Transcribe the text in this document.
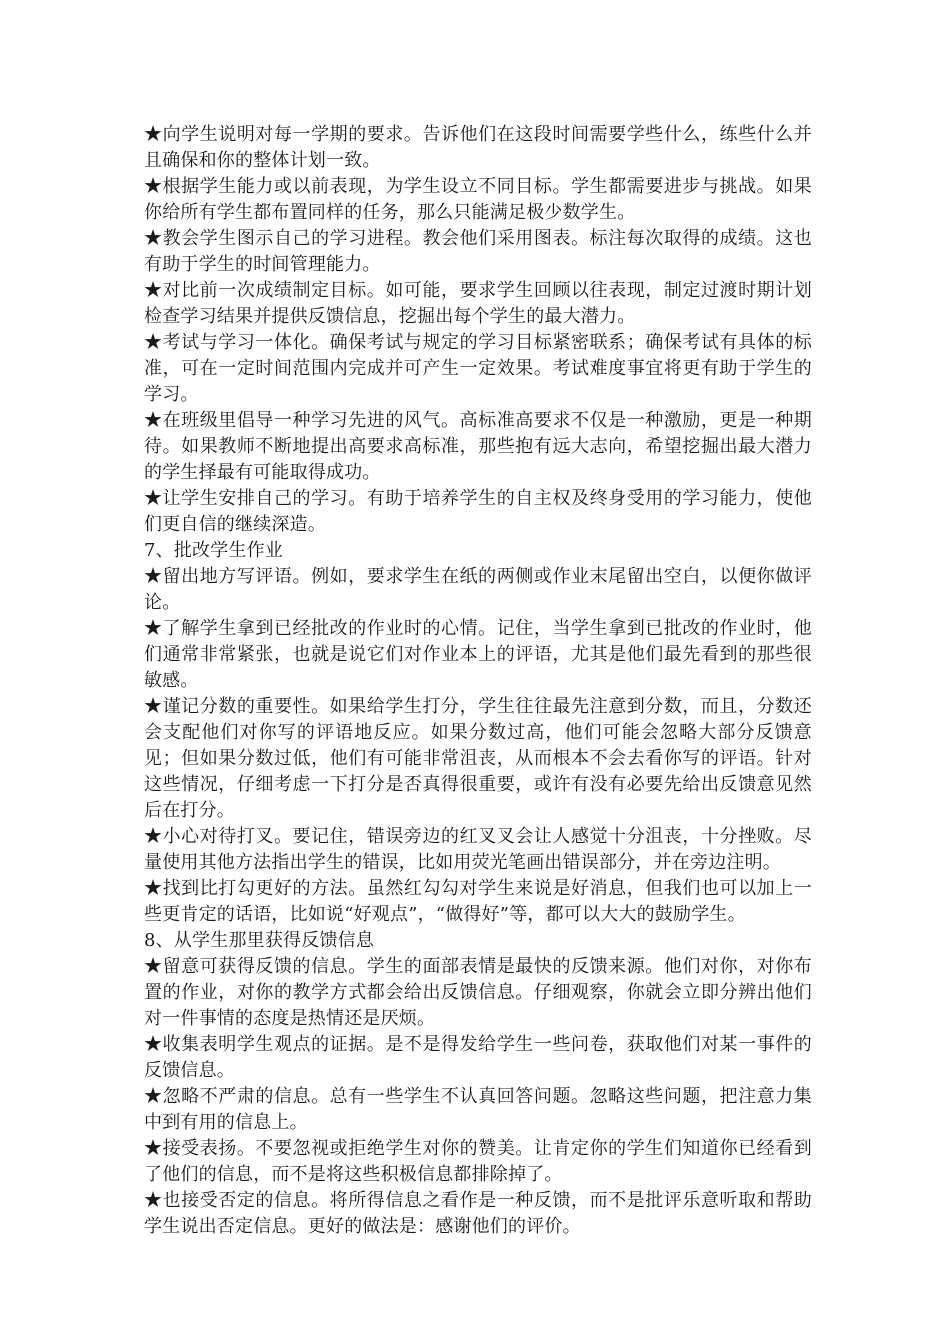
★向学生说明对每一学期的要求。告诉他们在这段时间需要学些什么，练些什么并且确保和你的整体计划一致。

★根据学生能力或以前表现，为学生设立不同目标。学生都需要进步与挑战。如果你给所有学生都布置同样的任务，那么只能满足极少数学生。

★教会学生图示自己的学习进程。教会他们采用图表。标注每次取得的成绩。这也有助于学生的时间管理能力。

★对比前一次成绩制定目标。如可能，要求学生回顾以往表现，制定过渡时期计划检查学习结果并提供反馈信息，挖掘出每个学生的最大潜力。

★考试与学习一体化。确保考试与规定的学习目标紧密联系；确保考试有具体的标准，可在一定时间范围内完成并可产生一定效果。考试难度事宜将更有助于学生的学习。

★在班级里倡导一种学习先进的风气。高标准高要求不仅是一种激励，更是一种期待。如果教师不断地提出高要求高标准，那些抱有远大志向，希望挖掘出最大潜力的学生择最有可能取得成功。

★让学生安排自己的学习。有助于培养学生的自主权及终身受用的学习能力，使他们更自信的继续深造。

7、批改学生作业

★留出地方写评语。例如，要求学生在纸的两侧或作业末尾留出空白，以便你做评论。

★了解学生拿到已经批改的作业时的心情。记住，当学生拿到已批改的作业时，他们通常非常紧张，也就是说它们对作业本上的评语，尤其是他们最先看到的那些很敏感。

★谨记分数的重要性。如果给学生打分，学生往往最先注意到分数，而且，分数还会支配他们对你写的评语地反应。如果分数过高，他们可能会忽略大部分反馈意见；但如果分数过低，他们有可能非常沮丧，从而根本不会去看你写的评语。针对这些情况，仔细考虑一下打分是否真得很重要，或许有没有必要先给出反馈意见然后在打分。

★小心对待打叉。要记住，错误旁边的红叉叉会让人感觉十分沮丧，十分挫败。尽量使用其他方法指出学生的错误，比如用荧光笔画出错误部分，并在旁边注明。

★找到比打勾更好的方法。虽然红勾勾对学生来说是好消息，但我们也可以加上一些更肯定的话语，比如说“好观点”，“做得好”等，都可以大大的鼓励学生。

8、从学生那里获得反馈信息

★留意可获得反馈的信息。学生的面部表情是最快的反馈来源。他们对你，对你布置的作业，对你的教学方式都会给出反馈信息。仔细观察，你就会立即分辨出他们对一件事情的态度是热情还是厌烦。

★收集表明学生观点的证据。是不是得发给学生一些问卷，获取他们对某一事件的反馈信息。

★忽略不严肃的信息。总有一些学生不认真回答问题。忽略这些问题，把注意力集中到有用的信息上。

★接受表扬。不要忽视或拒绝学生对你的赞美。让肯定你的学生们知道你已经看到了他们的信息，而不是将这些积极信息都排除掉了。

★也接受否定的信息。将所得信息之看作是一种反馈，而不是批评乐意听取和帮助学生说出否定信息。更好的做法是：感谢他们的评价。
